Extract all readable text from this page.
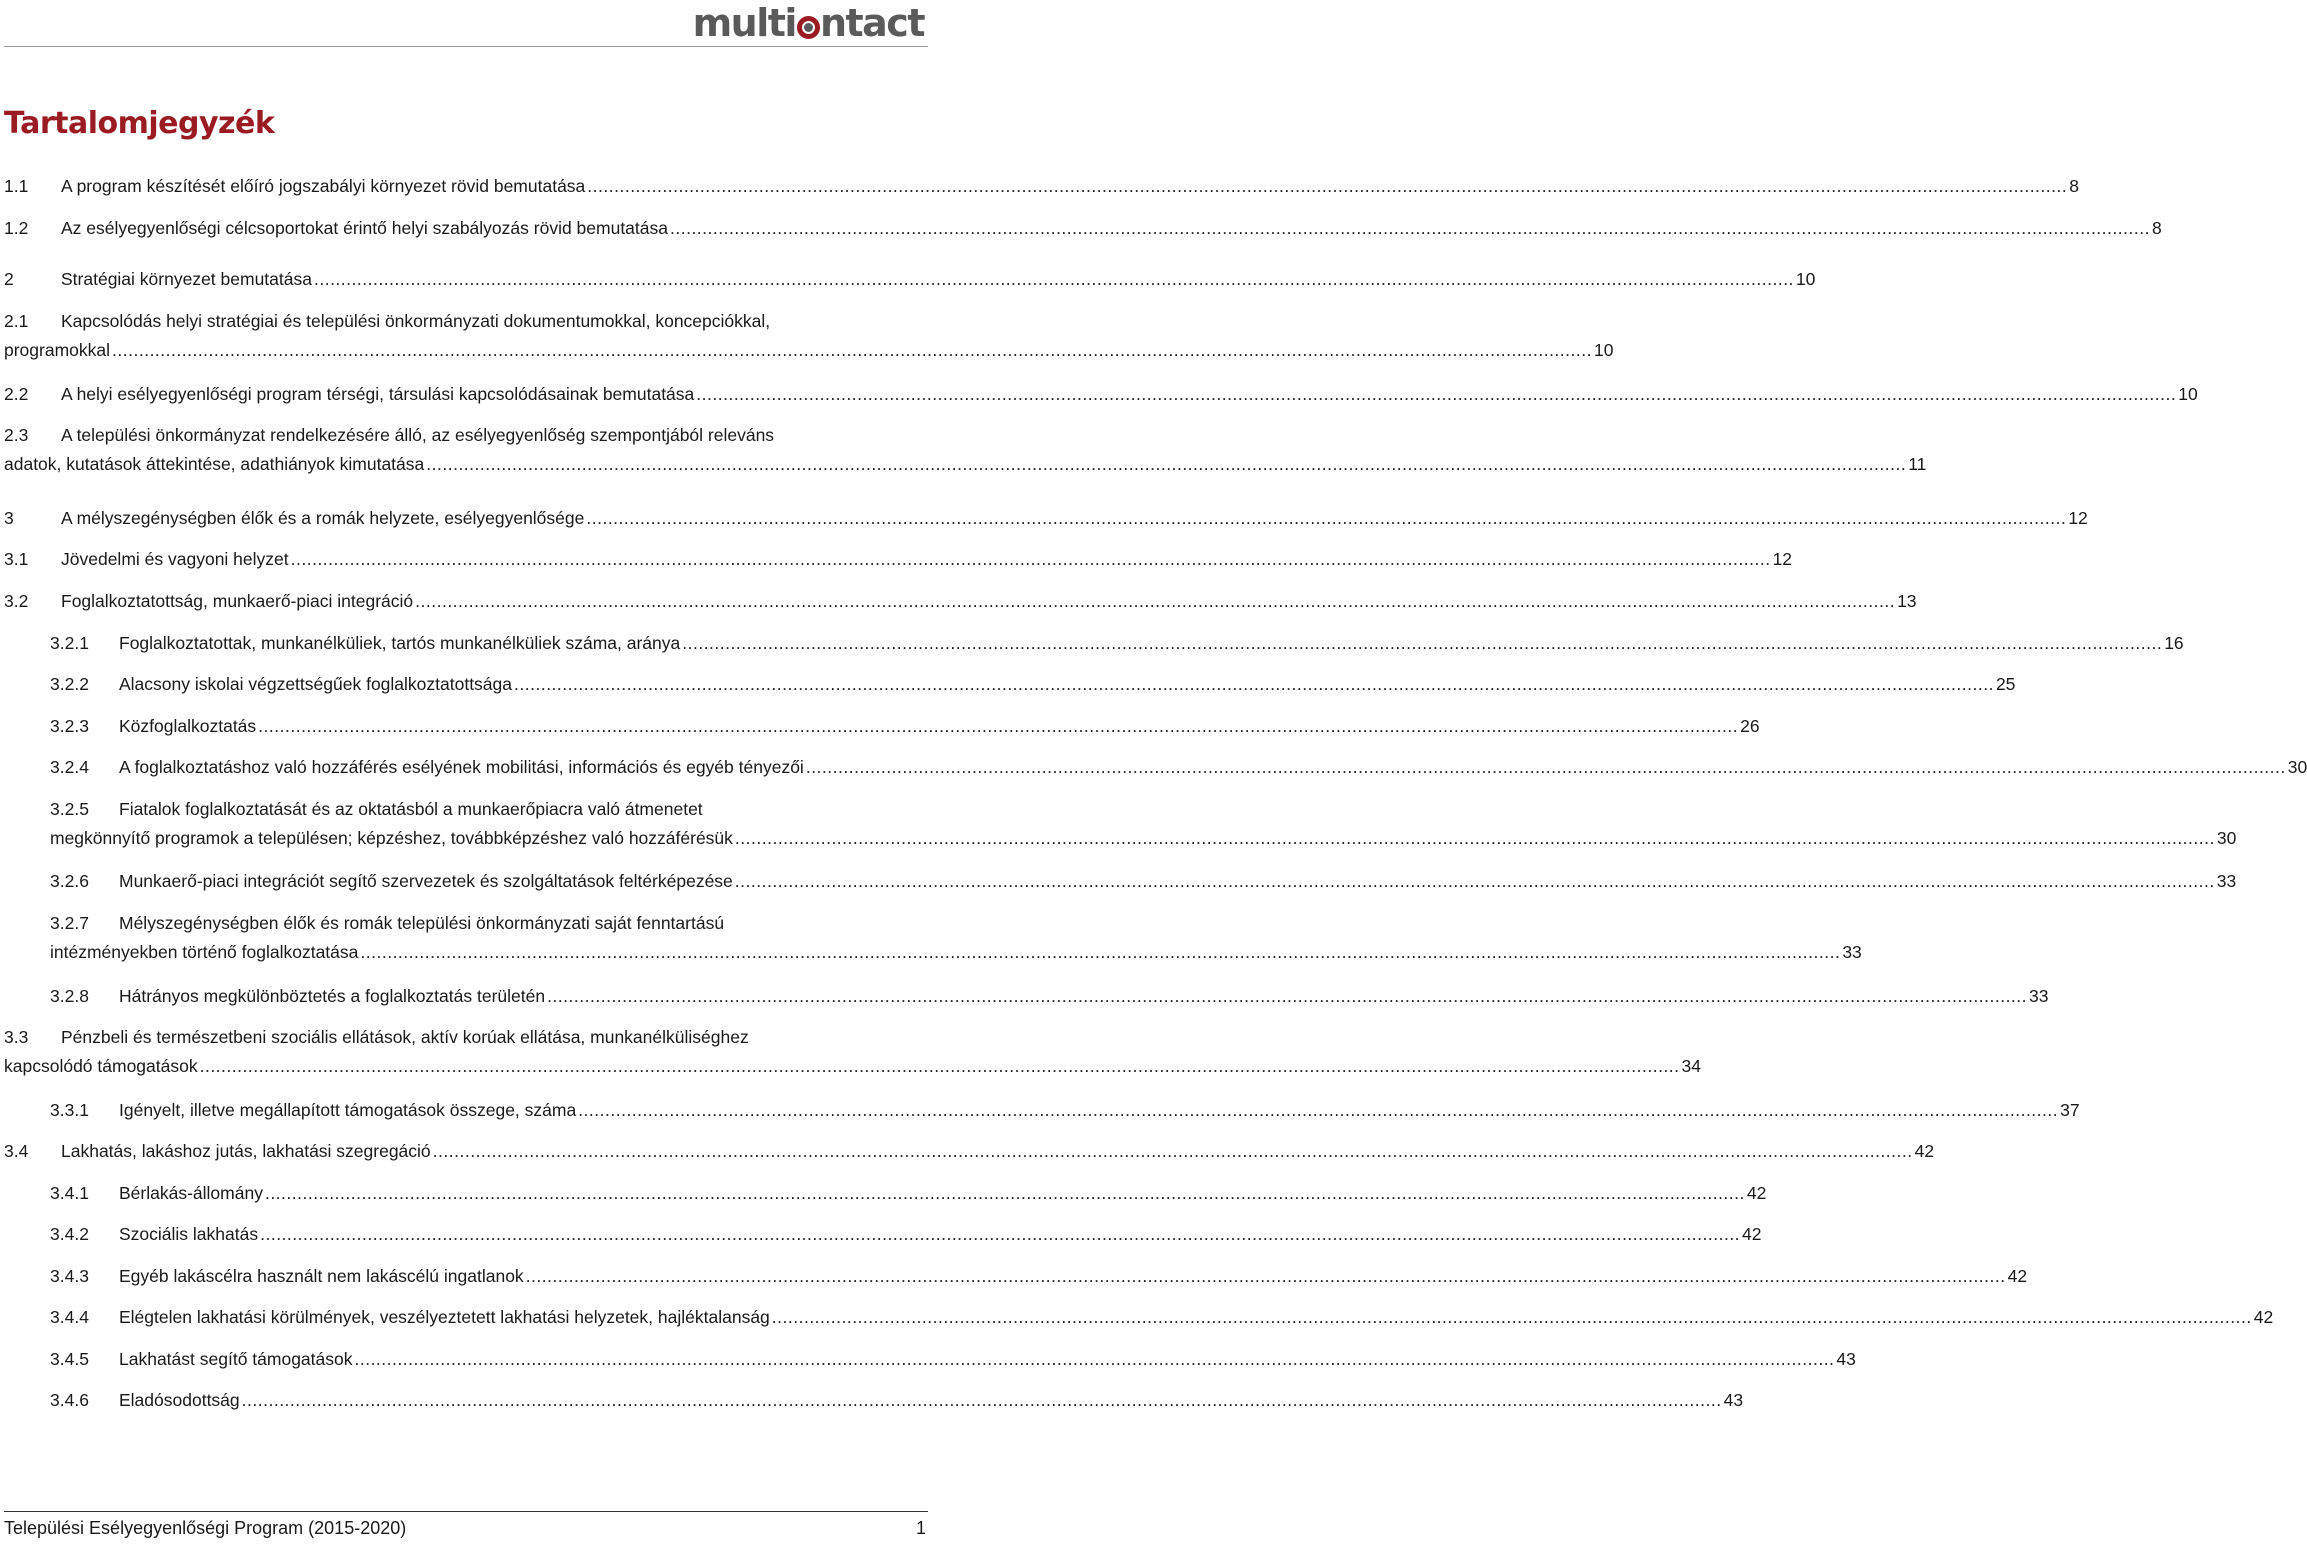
multi ntact
Tartalomjegyzék
1.1	A program készítését előíró jogszabályi környezet rövid bemutatása .....	8
1.2	Az esélyegyenlőségi célcsoportokat érintő helyi szabályozás rövid bemutatása .....	8
2	Stratégiai környezet bemutatása .....	10
2.1	Kapcsolódás helyi stratégiai és települési önkormányzati dokumentumokkal, koncepciókkal,
programokkal .....	10
2.2	A helyi esélyegyenlőségi program térségi, társulási kapcsolódásainak bemutatása .....	10
2.3	A települési önkormányzat rendelkezésére álló, az esélyegyenlőség szempontjából releváns
adatok, kutatások áttekintése, adathiányok kimutatása .....	11
3	A mélyszegénységben élők és a romák helyzete, esélyegyenlősége .....	12
3.1	Jövedelmi és vagyoni helyzet .....	12
3.2	Foglalkoztatottság, munkaerő-piaci integráció .....	13
3.2.1	Foglalkoztatottak, munkanélküliek, tartós munkanélküliek száma, aránya .....	16
3.2.2	Alacsony iskolai végzettségűek foglalkoztatottsága .....	25
3.2.3	Közfoglalkoztatás .....	26
3.2.4	A foglalkoztatáshoz való hozzáférés esélyének mobilitási, információs és egyéb tényezői .....	30
3.2.5	Fiatalok foglalkoztatását és az oktatásból a munkaerőpiacra való átmenetet
megkönnyítő programok a településen; képzéshez, továbbképzéshez való hozzáférésük .....	30
3.2.6	Munkaerő-piaci integrációt segítő szervezetek és szolgáltatások feltérképezése .....	33
3.2.7	Mélyszegénységben élők és romák települési önkormányzati saját fenntartású
intézményekben történő foglalkoztatása .....	33
3.2.8	Hátrányos megkülönböztetés a foglalkoztatás területén .....	33
3.3	Pénzbeli és természetbeni szociális ellátások, aktív korúak ellátása, munkanélküliséghez
kapcsolódó támogatások .....	34
3.3.1	Igényelt, illetve megállapított támogatások összege, száma .....	37
3.4	Lakhatás, lakáshoz jutás, lakhatási szegregáció .....	42
3.4.1	Bérlakás-állomány .....	42
3.4.2	Szociális lakhatás .....	42
3.4.3	Egyéb lakáscélra használt nem lakáscélú ingatlanok .....	42
3.4.4	Elégtelen lakhatási körülmények, veszélyeztetett lakhatási helyzetek, hajléktalanság .....	42
3.4.5	Lakhatást segítő támogatások .....	43
3.4.6	Eladósodottság .....	43
Települési Esélyegyenlőségi Program (2015-2020)	1
